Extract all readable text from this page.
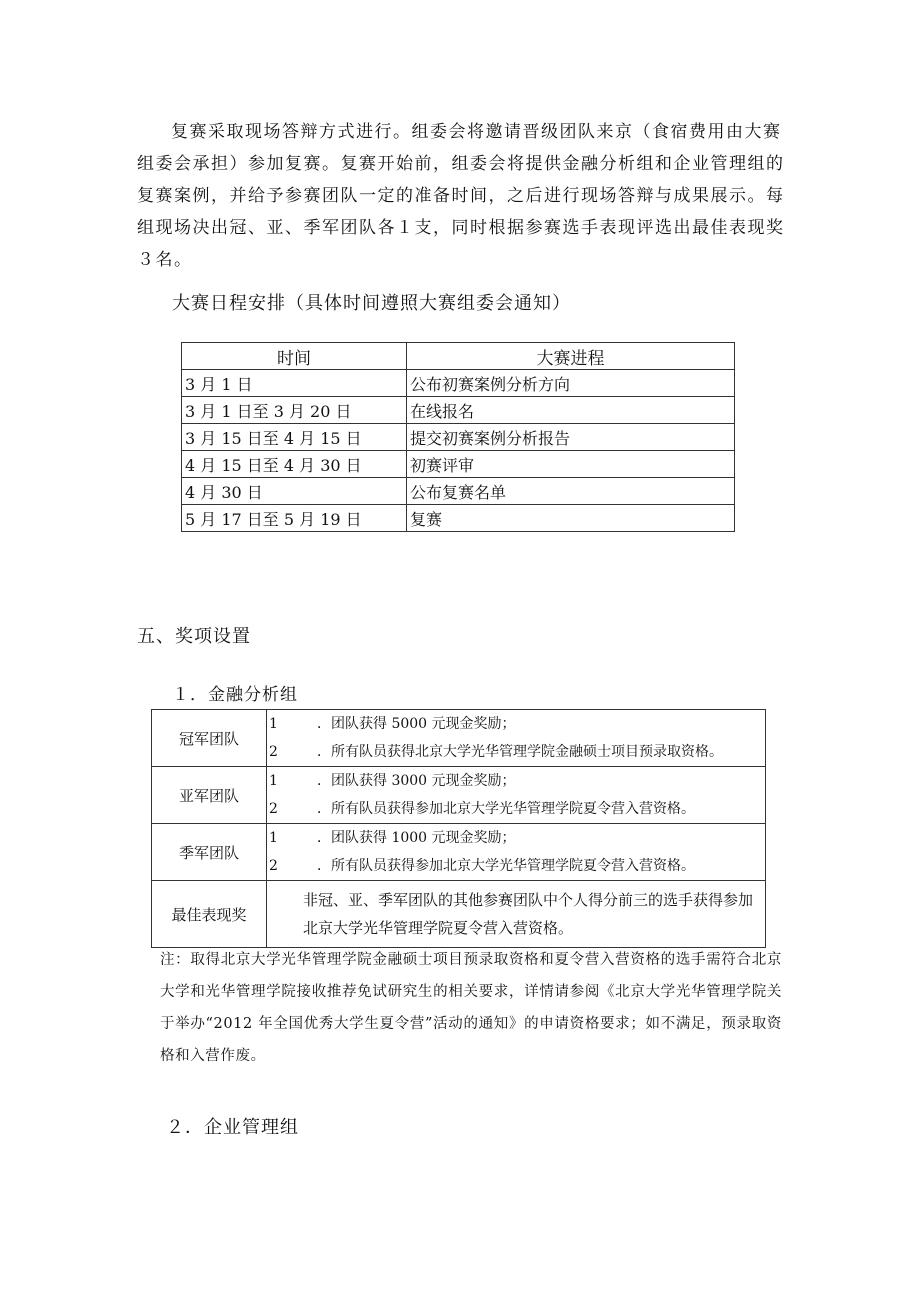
复赛采取现场答辩方式进行。组委会将邀请晋级团队来京（食宿费用由大赛组委会承担）参加复赛。复赛开始前，组委会将提供金融分析组和企业管理组的复赛案例，并给予参赛团队一定的准备时间，之后进行现场答辩与成果展示。每组现场决出冠、亚、季军团队各１支，同时根据参赛选手表现评选出最佳表现奖３名。
大赛日程安排（具体时间遵照大赛组委会通知）
时间	大赛进程
3 月 1 日	公布初赛案例分析方向
3 月 1 日至 3 月 20 日	在线报名
3 月 15 日至 4 月 15 日	提交初赛案例分析报告
4 月 15 日至 4 月 30 日	初赛评审
4 月 30 日	公布复赛名单
5 月 17 日至 5 月 19 日	复赛
五、奖项设置
１．金融分析组
冠军团队	1 ．团队获得 5000 元现金奖励；
2 ．所有队员获得北京大学光华管理学院金融硕士项目预录取资格。

亚军团队	1 ．团队获得 3000 元现金奖励；
2 ．所有队员获得参加北京大学光华管理学院夏令营入营资格。

季军团队	1 ．团队获得 1000 元现金奖励；
2 ．所有队员获得参加北京大学光华管理学院夏令营入营资格。

最佳表现奖	非冠、亚、季军团队的其他参赛团队中个人得分前三的选手获得参加北京大学光华管理学院夏令营入营资格。
注：取得北京大学光华管理学院金融硕士项目预录取资格和夏令营入营资格的选手需符合北京大学和光华管理学院接收推荐免试研究生的相关要求，详情请参阅《北京大学光华管理学院关于举办“2012 年全国优秀大学生夏令营”活动的通知》的申请资格要求；如不满足，预录取资格和入营作废。
２．企业管理组
